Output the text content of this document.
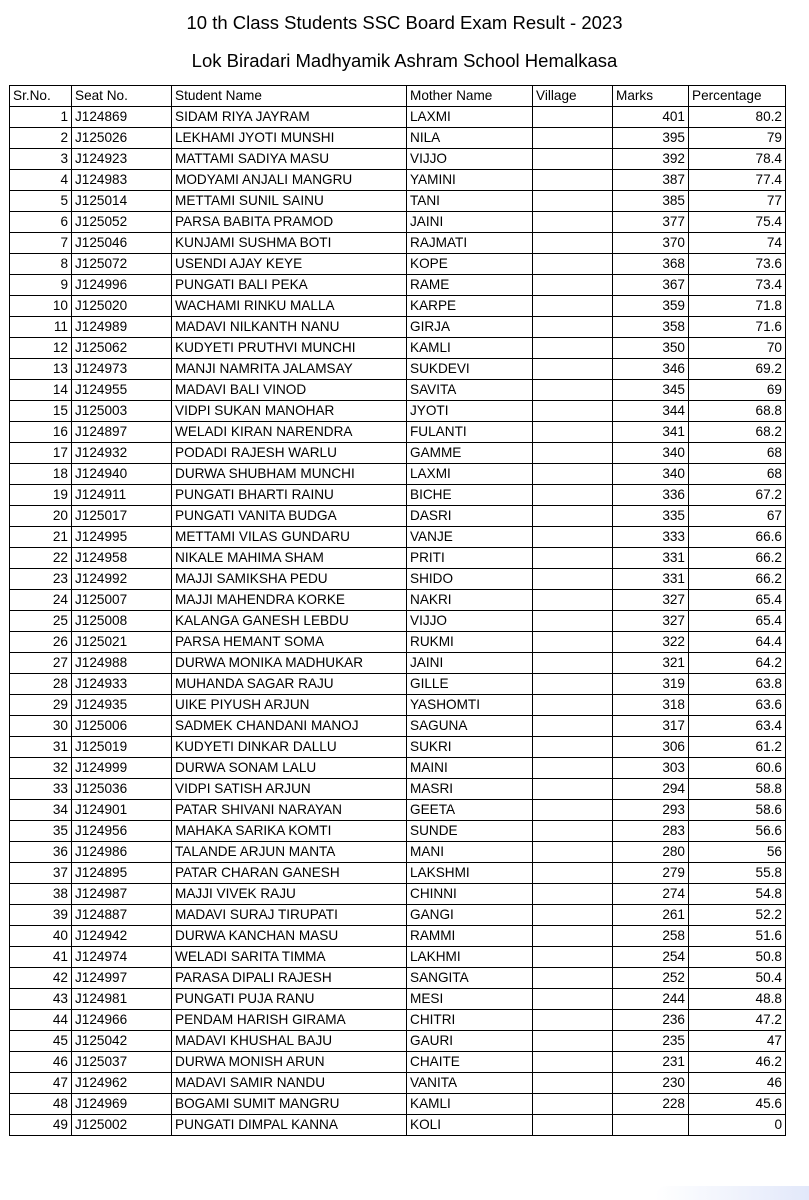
10 th Class Students SSC Board Exam Result - 2023
Lok Biradari Madhyamik Ashram School Hemalkasa
Sr.No.	Seat No.	Student Name	Mother Name	Village	Marks	Percentage
1	J124869	SIDAM RIYA JAYRAM	LAXMI		401	80.2
2	J125026	LEKHAMI JYOTI MUNSHI	NILA		395	79
3	J124923	MATTAMI SADIYA MASU	VIJJO		392	78.4
4	J124983	MODYAMI ANJALI MANGRU	YAMINI		387	77.4
5	J125014	METTAMI SUNIL SAINU	TANI		385	77
6	J125052	PARSA BABITA PRAMOD	JAINI		377	75.4
7	J125046	KUNJAMI SUSHMA BOTI	RAJMATI		370	74
8	J125072	USENDI AJAY KEYE	KOPE		368	73.6
9	J124996	PUNGATI BALI PEKA	RAME		367	73.4
10	J125020	WACHAMI RINKU MALLA	KARPE		359	71.8
11	J124989	MADAVI NILKANTH NANU	GIRJA		358	71.6
12	J125062	KUDYETI PRUTHVI MUNCHI	KAMLI		350	70
13	J124973	MANJI NAMRITA JALAMSAY	SUKDEVI		346	69.2
14	J124955	MADAVI BALI VINOD	SAVITA		345	69
15	J125003	VIDPI SUKAN MANOHAR	JYOTI		344	68.8
16	J124897	WELADI KIRAN NARENDRA	FULANTI		341	68.2
17	J124932	PODADI RAJESH WARLU	GAMME		340	68
18	J124940	DURWA SHUBHAM MUNCHI	LAXMI		340	68
19	J124911	PUNGATI BHARTI RAINU	BICHE		336	67.2
20	J125017	PUNGATI VANITA BUDGA	DASRI		335	67
21	J124995	METTAMI VILAS GUNDARU	VANJE		333	66.6
22	J124958	NIKALE MAHIMA SHAM	PRITI		331	66.2
23	J124992	MAJJI SAMIKSHA PEDU	SHIDO		331	66.2
24	J125007	MAJJI MAHENDRA KORKE	NAKRI		327	65.4
25	J125008	KALANGA GANESH LEBDU	VIJJO		327	65.4
26	J125021	PARSA HEMANT SOMA	RUKMI		322	64.4
27	J124988	DURWA MONIKA MADHUKAR	JAINI		321	64.2
28	J124933	MUHANDA SAGAR RAJU	GILLE		319	63.8
29	J124935	UIKE PIYUSH ARJUN	YASHOMTI		318	63.6
30	J125006	SADMEK CHANDANI MANOJ	SAGUNA		317	63.4
31	J125019	KUDYETI DINKAR DALLU	SUKRI		306	61.2
32	J124999	DURWA SONAM LALU	MAINI		303	60.6
33	J125036	VIDPI SATISH ARJUN	MASRI		294	58.8
34	J124901	PATAR SHIVANI NARAYAN	GEETA		293	58.6
35	J124956	MAHAKA SARIKA KOMTI	SUNDE		283	56.6
36	J124986	TALANDE ARJUN MANTA	MANI		280	56
37	J124895	PATAR CHARAN GANESH	LAKSHMI		279	55.8
38	J124987	MAJJI VIVEK RAJU	CHINNI		274	54.8
39	J124887	MADAVI SURAJ TIRUPATI	GANGI		261	52.2
40	J124942	DURWA KANCHAN MASU	RAMMI		258	51.6
41	J124974	WELADI SARITA TIMMA	LAKHMI		254	50.8
42	J124997	PARASA DIPALI RAJESH	SANGITA		252	50.4
43	J124981	PUNGATI PUJA RANU	MESI		244	48.8
44	J124966	PENDAM HARISH GIRAMA	CHITRI		236	47.2
45	J125042	MADAVI KHUSHAL BAJU	GAURI		235	47
46	J125037	DURWA MONISH ARUN	CHAITE		231	46.2
47	J124962	MADAVI SAMIR NANDU	VANITA		230	46
48	J124969	BOGAMI SUMIT MANGRU	KAMLI		228	45.6
49	J125002	PUNGATI DIMPAL KANNA	KOLI			0
